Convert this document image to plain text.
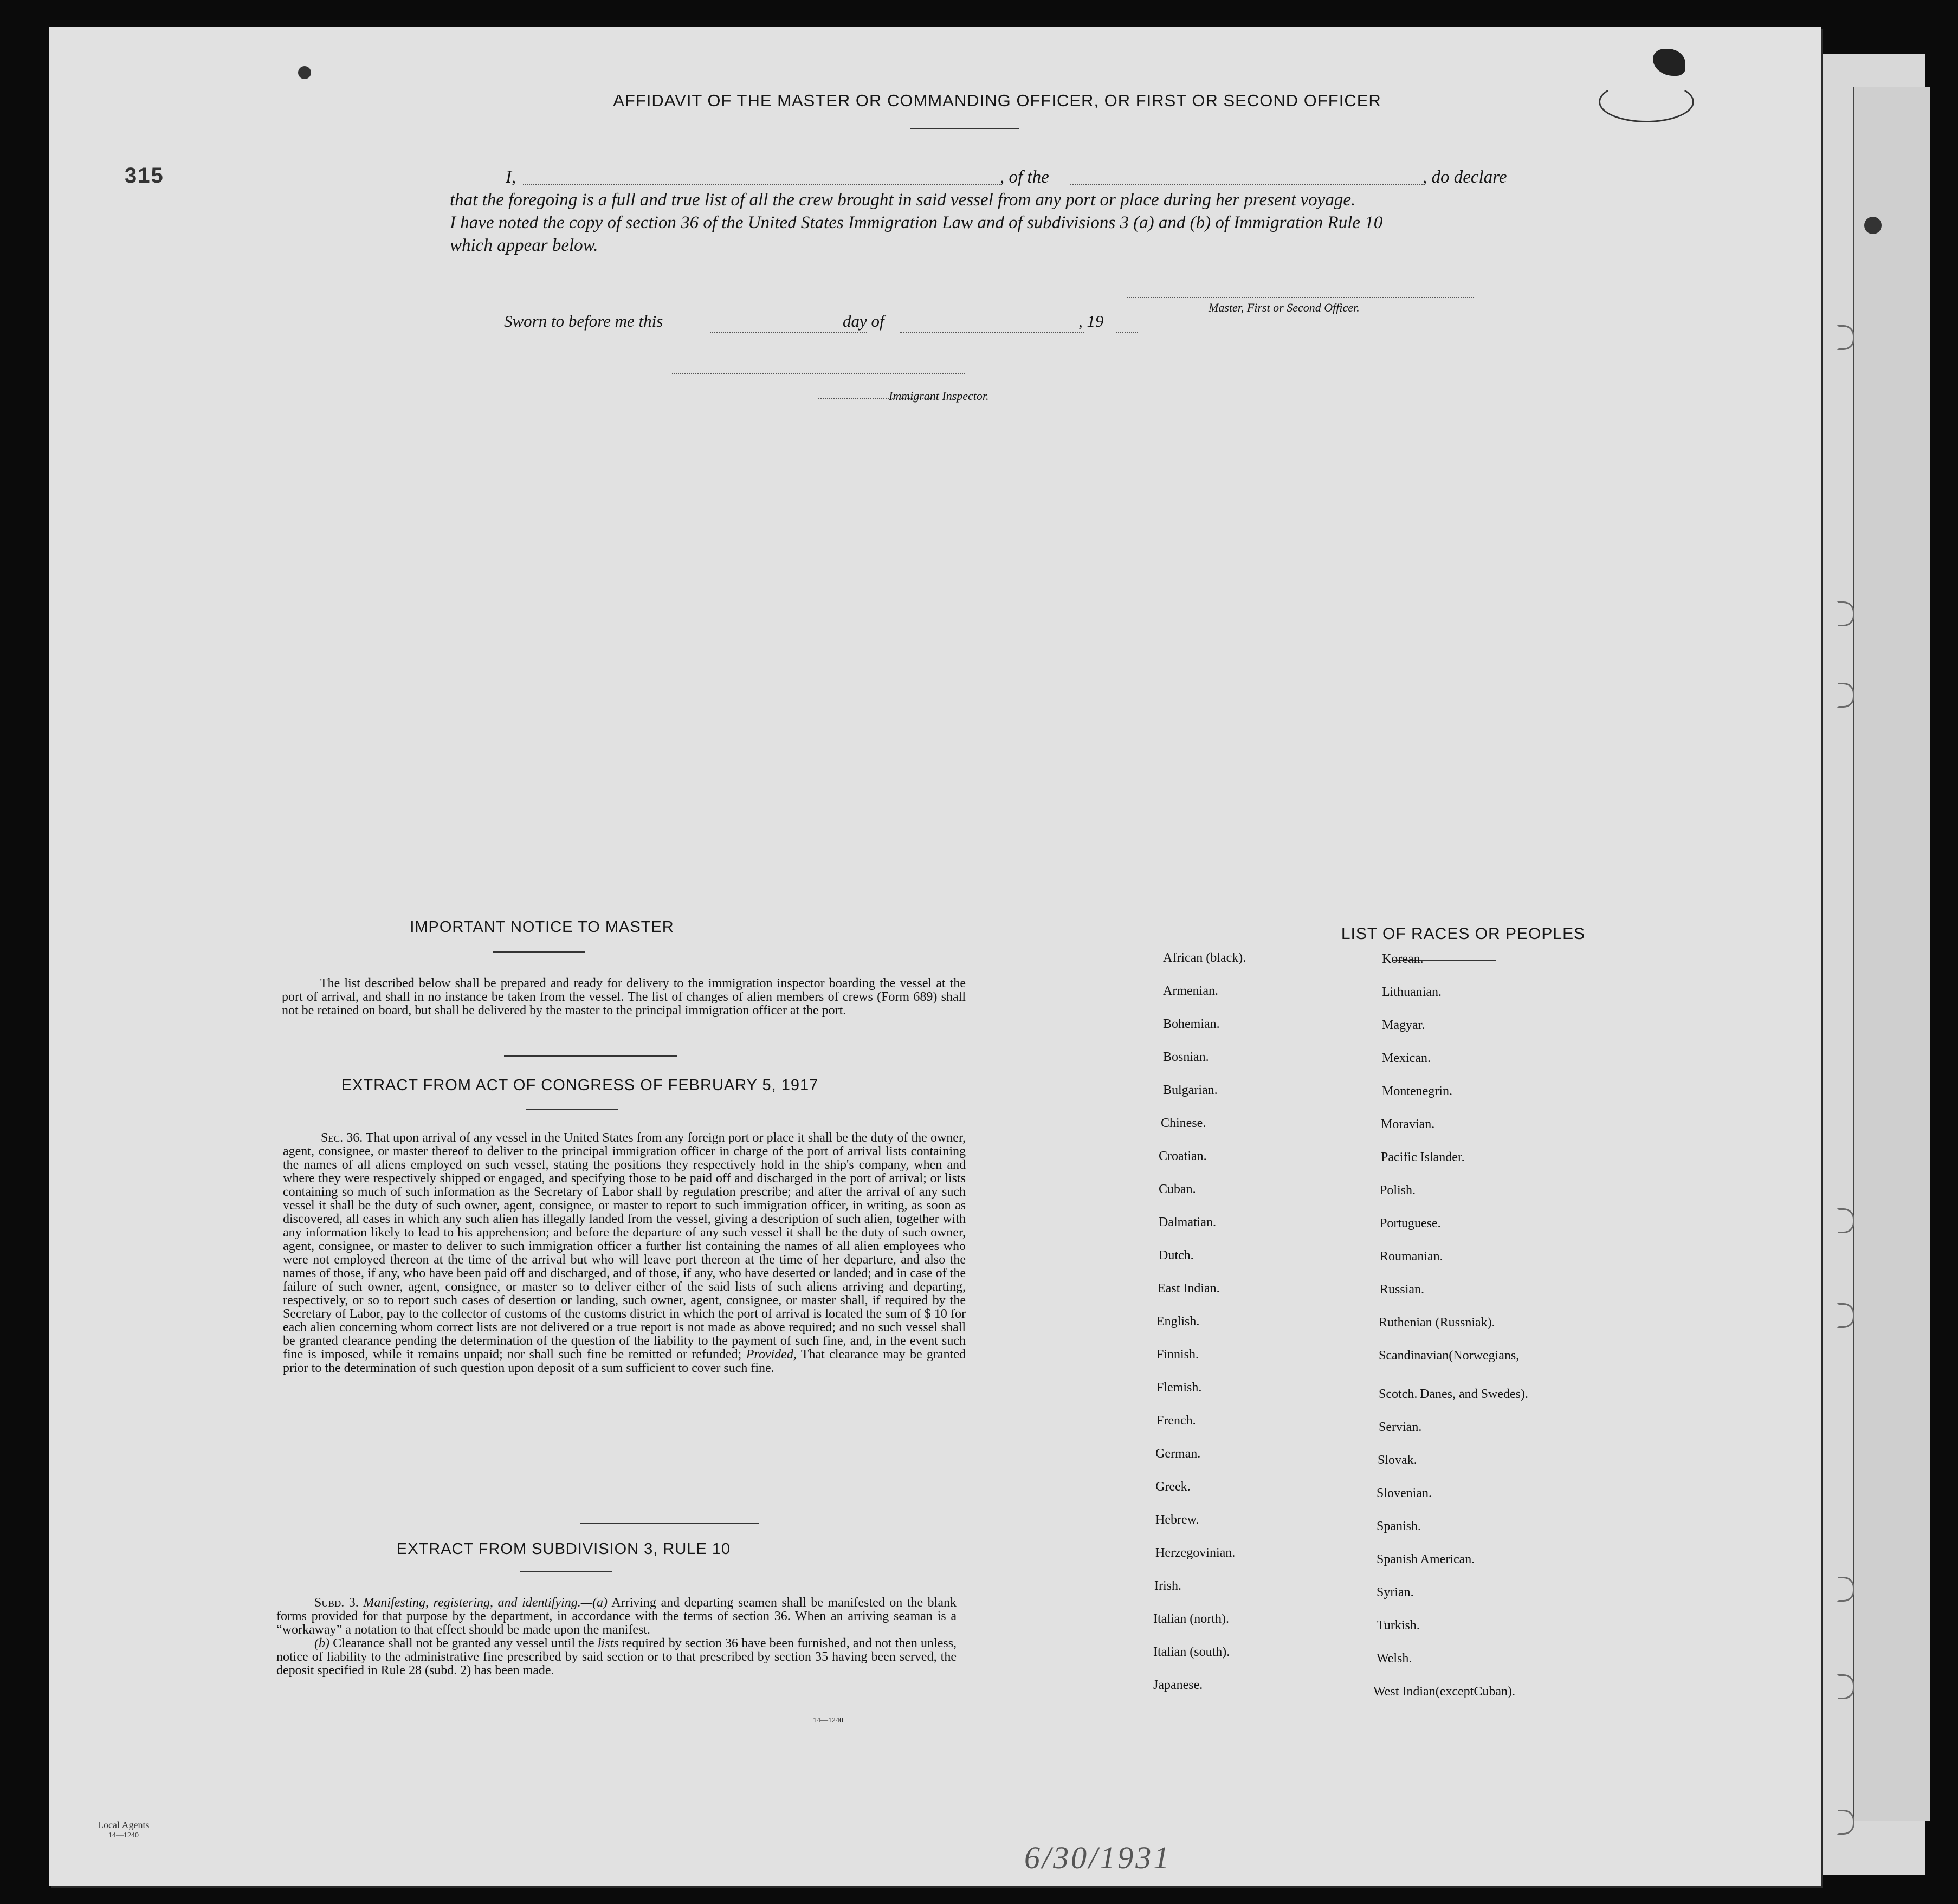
AFFIDAVIT OF THE MASTER OR COMMANDING OFFICER, OR FIRST OR SECOND OFFICER
I,	, of the	, do declare
that the foregoing is a full and true list of all the crew brought in said vessel from any port or place during her present voyage.
I have noted the copy of section 36 of the United States Immigration Law and of subdivisions 3 (a) and (b) of Immigration Rule 10
which appear below.
Master, First or Second Officer.
Sworn to before me this	day of	, 19
Immigrant Inspector.
IMPORTANT NOTICE TO MASTER
The list described below shall be prepared and ready for delivery to the immigration inspector boarding the vessel at the port of arrival, and shall in no instance be taken from the vessel. The list of changes of alien members of crews (Form 689) shall not be retained on board, but shall be delivered by the master to the principal immigration officer at the port.
EXTRACT FROM ACT OF CONGRESS OF FEBRUARY 5, 1917
Sec. 36. That upon arrival of any vessel in the United States from any foreign port or place it shall be the duty of the owner, agent, consignee, or master thereof to deliver to the principal immigration officer in charge of the port of arrival lists containing the names of all aliens employed on such vessel, stating the positions they respectively hold in the ship's company, when and where they were respectively shipped or engaged, and specifying those to be paid off and discharged in the port of arrival; or lists containing so much of such information as the Secretary of Labor shall by regulation prescribe; and after the arrival of any such vessel it shall be the duty of such owner, agent, consignee, or master to report to such immigration officer, in writing, as soon as discovered, all cases in which any such alien has illegally landed from the vessel, giving a description of such alien, together with any information likely to lead to his apprehension; and before the departure of any such vessel it shall be the duty of such owner, agent, consignee, or master to deliver to such immigration officer a further list containing the names of all alien employees who were not employed thereon at the time of the arrival but who will leave port thereon at the time of her departure, and also the names of those, if any, who have been paid off and discharged, and of those, if any, who have deserted or landed; and in case of the failure of such owner, agent, consignee, or master so to deliver either of the said lists of such aliens arriving and departing, respectively, or so to report such cases of desertion or landing, such owner, agent, consignee, or master shall, if required by the Secretary of Labor, pay to the collector of customs of the customs district in which the port of arrival is located the sum of $ 10 for each alien concerning whom correct lists are not delivered or a true report is not made as above required; and no such vessel shall be granted clearance pending the determination of the question of the liability to the payment of such fine, and, in the event such fine is imposed, while it remains unpaid; nor shall such fine be remitted or refunded; Provided, That clearance may be granted prior to the determination of such question upon deposit of a sum sufficient to cover such fine.
EXTRACT FROM SUBDIVISION 3, RULE 10
Subd. 3. Manifesting, registering, and identifying.—(a) Arriving and departing seamen shall be manifested on the blank forms provided for that purpose by the department, in accordance with the terms of section 36. When an arriving seaman is a “workaway” a notation to that effect should be made upon the manifest.
(b) Clearance shall not be granted any vessel until the lists required by section 36 have been furnished, and not then unless, notice of liability to the administrative fine prescribed by said section or to that prescribed by section 35 having been served, the deposit specified in Rule 28 (subd. 2) has been made.
14—1240
LIST OF RACES OR PEOPLES
Danes, and Swedes).
315
Local Agents
14—1240
6/30/1931
African (black).
Armenian.
Bohemian.
Bosnian.
Bulgarian.
Chinese.
Croatian.
Cuban.
Dalmatian.
Dutch.
East Indian.
English.
Finnish.
Flemish.
French.
German.
Greek.
Hebrew.
Herzegovinian.
Irish.
Italian (north).
Italian (south).
Japanese.
Korean.
Lithuanian.
Magyar.
Mexican.
Montenegrin.
Moravian.
Pacific Islander.
Polish.
Portuguese.
Roumanian.
Russian.
Ruthenian (Russniak).
Scandinavian(Norwegians,
Scotch.
Servian.
Slovak.
Slovenian.
Spanish.
Spanish American.
Syrian.
Turkish.
Welsh.
West Indian(exceptCuban).
